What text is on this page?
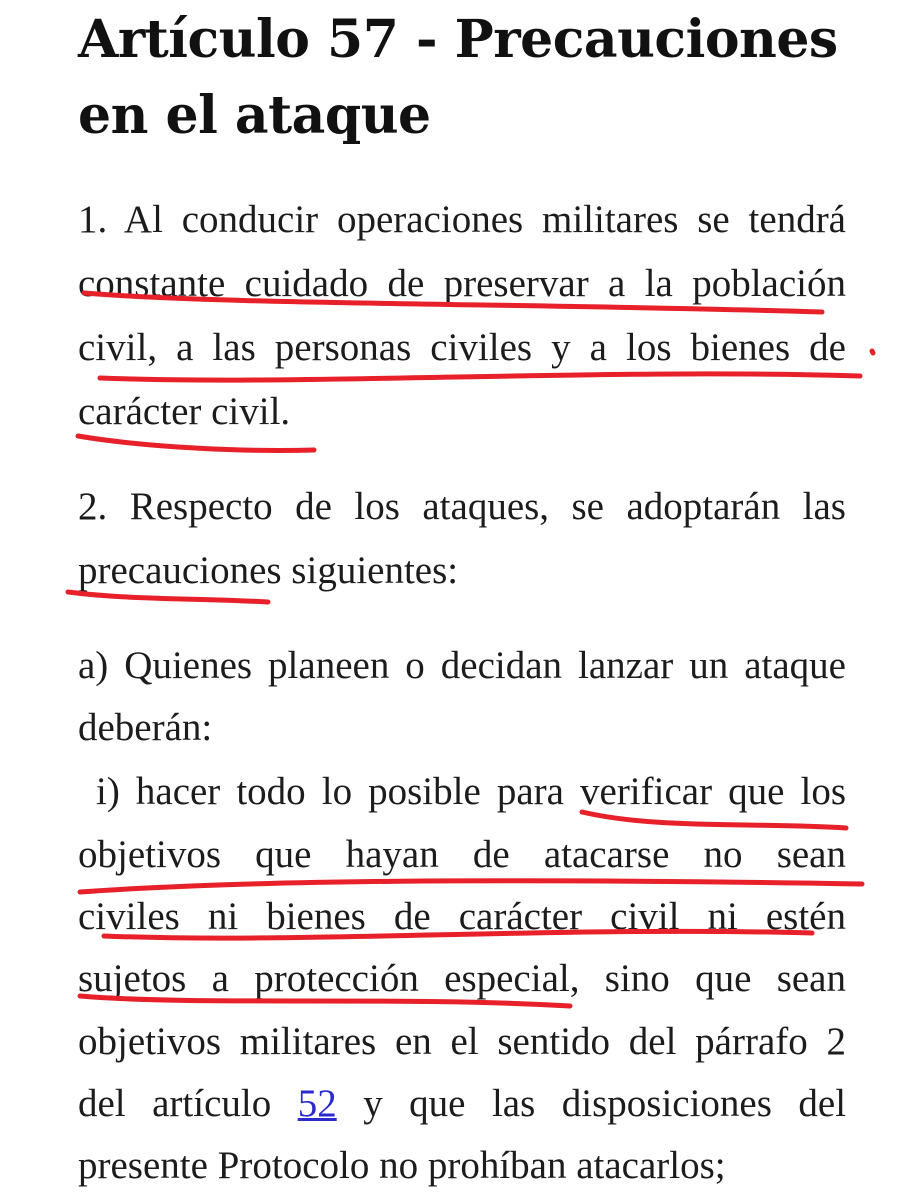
Artículo 57 - Precauciones en el ataque

1. Al conducir operaciones militares se tendrá

constante cuidado de preservar a la población

civil, a las personas civiles y a los bienes de

carácter civil.

2. Respecto de los ataques, se adoptarán las

precauciones siguientes:

a) Quienes planeen o decidan lanzar un ataque

deberán:

i) hacer todo lo posible para verificar que los

objetivos que hayan de atacarse no sean

civiles ni bienes de carácter civil ni estén

sujetos a protección especial, sino que sean

objetivos militares en el sentido del párrafo 2

del artículo 52 y que las disposiciones del

presente Protocolo no prohíban atacarlos;
